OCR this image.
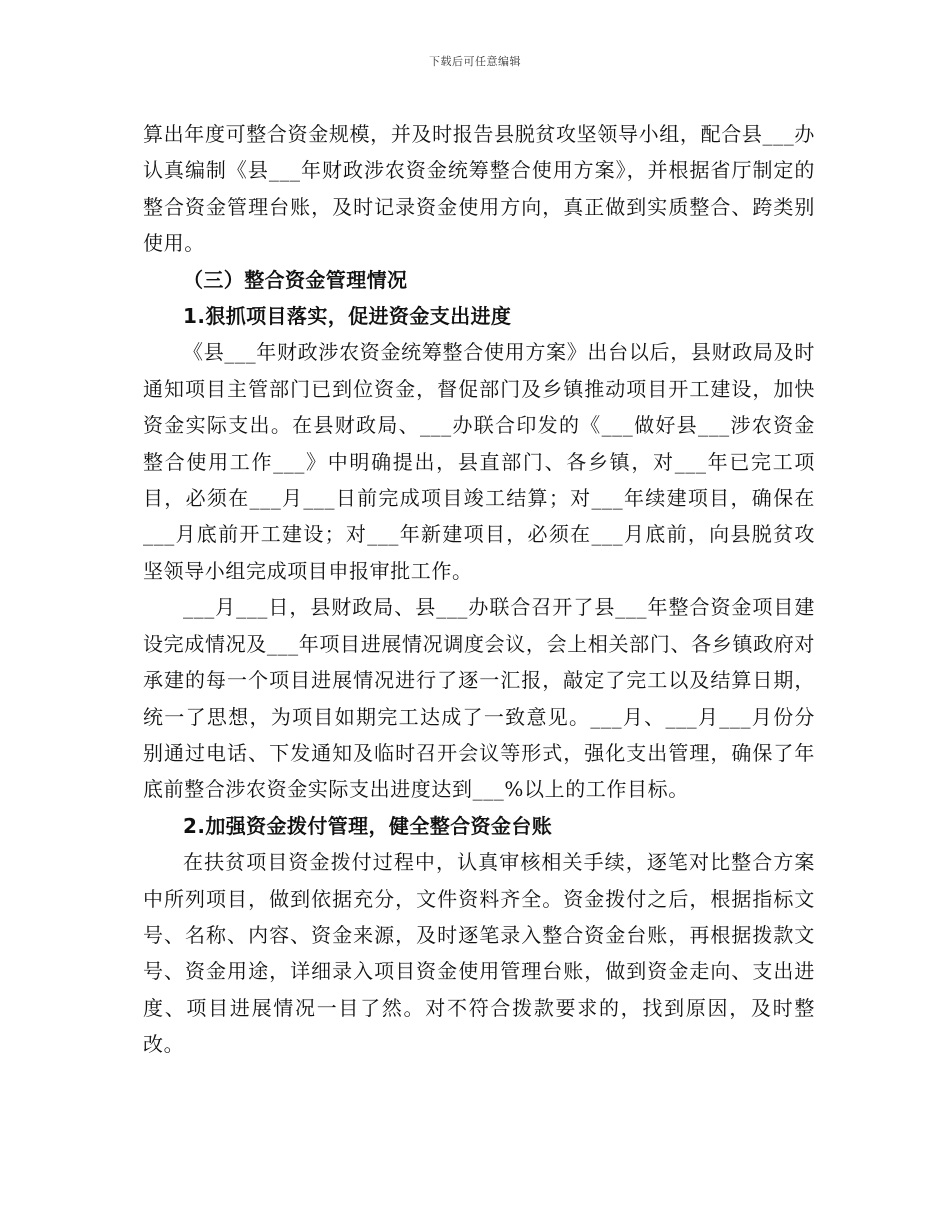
下载后可任意编辑

算出年度可整合资金规模，并及时报告县脱贫攻坚领导小组，配合县___办认真编制《县___年财政涉农资金统筹整合使用方案》，并根据省厅制定的整合资金管理台账，及时记录资金使用方向，真正做到实质整合、跨类别使用。

（三）整合资金管理情况

1.狠抓项目落实，促进资金支出进度

《县___年财政涉农资金统筹整合使用方案》出台以后，县财政局及时通知项目主管部门已到位资金，督促部门及乡镇推动项目开工建设，加快资金实际支出。在县财政局、___办联合印发的《___做好县___涉农资金整合使用工作___》中明确提出，县直部门、各乡镇，对___年已完工项目，必须在___月___日前完成项目竣工结算；对___年续建项目，确保在___月底前开工建设；对___年新建项目，必须在___月底前，向县脱贫攻坚领导小组完成项目申报审批工作。

___月___日，县财政局、县___办联合召开了县___年整合资金项目建设完成情况及___年项目进展情况调度会议，会上相关部门、各乡镇政府对承建的每一个项目进展情况进行了逐一汇报，敲定了完工以及结算日期，统一了思想，为项目如期完工达成了一致意见。___月、___月___月份分别通过电话、下发通知及临时召开会议等形式，强化支出管理，确保了年底前整合涉农资金实际支出进度达到___%以上的工作目标。

2.加强资金拨付管理，健全整合资金台账

在扶贫项目资金拨付过程中，认真审核相关手续，逐笔对比整合方案中所列项目，做到依据充分，文件资料齐全。资金拨付之后，根据指标文号、名称、内容、资金来源，及时逐笔录入整合资金台账，再根据拨款文号、资金用途，详细录入项目资金使用管理台账，做到资金走向、支出进度、项目进展情况一目了然。对不符合拨款要求的，找到原因，及时整改。
